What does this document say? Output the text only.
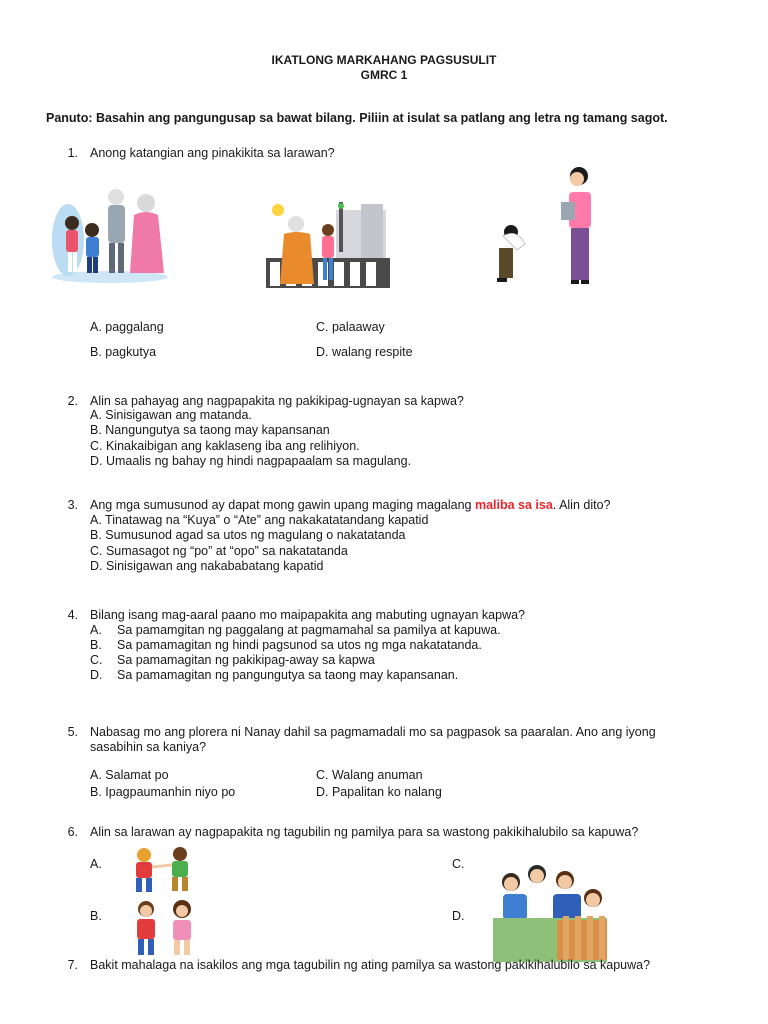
IKATLONG MARKAHANG PAGSUSULIT
GMRC 1
Panuto: Basahin ang pangungusap sa bawat bilang. Piliin at isulat sa patlang ang letra ng tamang sagot.
1. Anong katangian ang pinakikita sa larawan?
A. paggalang	C. palaaway
B. pagkutya	D. walang respite
2. Alin sa pahayag ang nagpapakita ng pakikipag-ugnayan sa kapwa?
A. Sinisigawan ang matanda.
B. Nangungutya sa taong may kapansanan
C. Kinakaibigan ang kaklaseng iba ang relihiyon.
D. Umaalis ng bahay ng hindi nagpapaalam sa magulang.
3. Ang mga sumusunod ay dapat mong gawin upang maging magalang maliba sa isa. Alin dito?
A. Tinatawag na “Kuya” o “Ate” ang nakakatatandang kapatid
B. Sumusunod agad sa utos ng magulang o nakatatanda
C. Sumasagot ng “po” at “opo” sa nakatatanda
D. Sinisigawan ang nakababatang kapatid
4. Bilang isang mag-aaral paano mo maipapakita ang mabuting ugnayan kapwa?
A. Sa pamamgitan ng paggalang at pagmamahal sa pamilya at kapuwa.
B. Sa pamamagitan ng hindi pagsunod sa utos ng mga nakatatanda.
C. Sa pamamagitan ng pakikipag-away sa kapwa
D. Sa pamamagitan ng pangungutya sa taong may kapansanan.
5. Nabasag mo ang plorera ni Nanay dahil sa pagmamadali mo sa pagpasok sa paaralan. Ano ang iyong
sasabihin sa kaniya?
A. Salamat po	C. Walang anuman
B. Ipagpaumanhin niyo po	D. Papalitan ko nalang
6. Alin sa larawan ay nagpapakita ng tagubilin ng pamilya para sa wastong pakikihalubilo sa kapuwa?
A.	C.
B.	D.
7. Bakit mahalaga na isakilos ang mga tagubilin ng ating pamilya sa wastong pakikihalubilo sa kapuwa?
